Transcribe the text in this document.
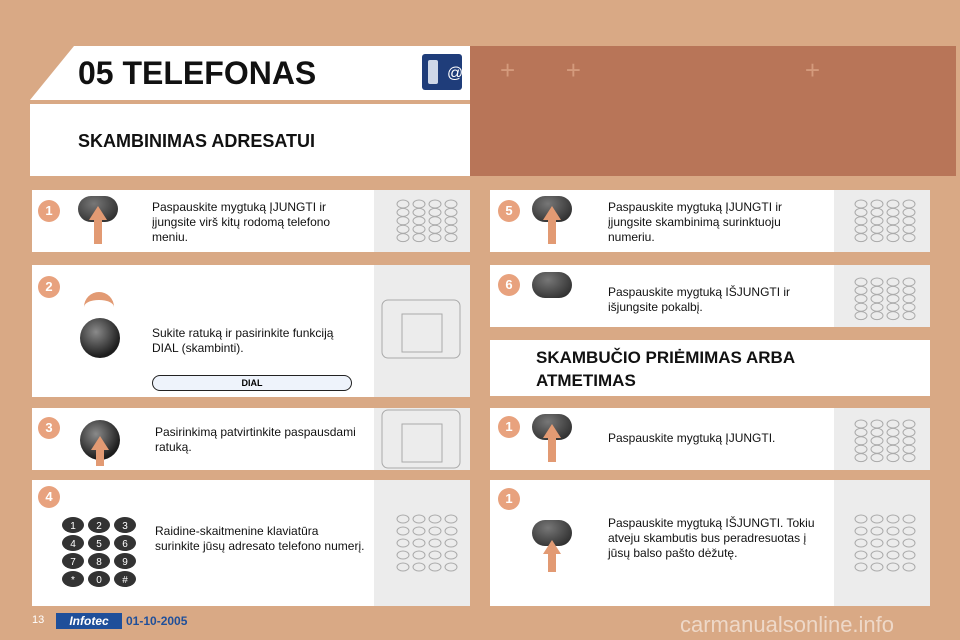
05 TELEFONAS	@
SKAMBINIMAS ADRESATUI
+       +                               +
1	Paspauskite mygtuką ĮJUNGTI ir įjungsite virš kitų rodomą telefono meniu.
2
Sukite ratuką ir pasirinkite funkciją DIAL (skambinti).
DIAL
3	Pasirinkimą patvirtinkite paspausdami ratuką.
4
1 2 3
4 5 6
7 8 9
* 0 #
Raidine-skaitmenine klaviatūra surinkite jūsų adresato telefono numerį.
5	Paspauskite mygtuką ĮJUNGTI ir įjungsite skambinimą surinktuoju numeriu.
6	Paspauskite mygtuką IŠJUNGTI ir išjungsite pokalbį.
SKAMBUČIO PRIĖMIMAS ARBA ATMETIMAS
1
Paspauskite mygtuką ĮJUNGTI.
1
Paspauskite mygtuką IŠJUNGTI. Tokiu atveju skambutis bus peradresuotas į jūsų balso pašto dėžutę.
13	Infotec	01-10-2005	carmanualsonline.info
